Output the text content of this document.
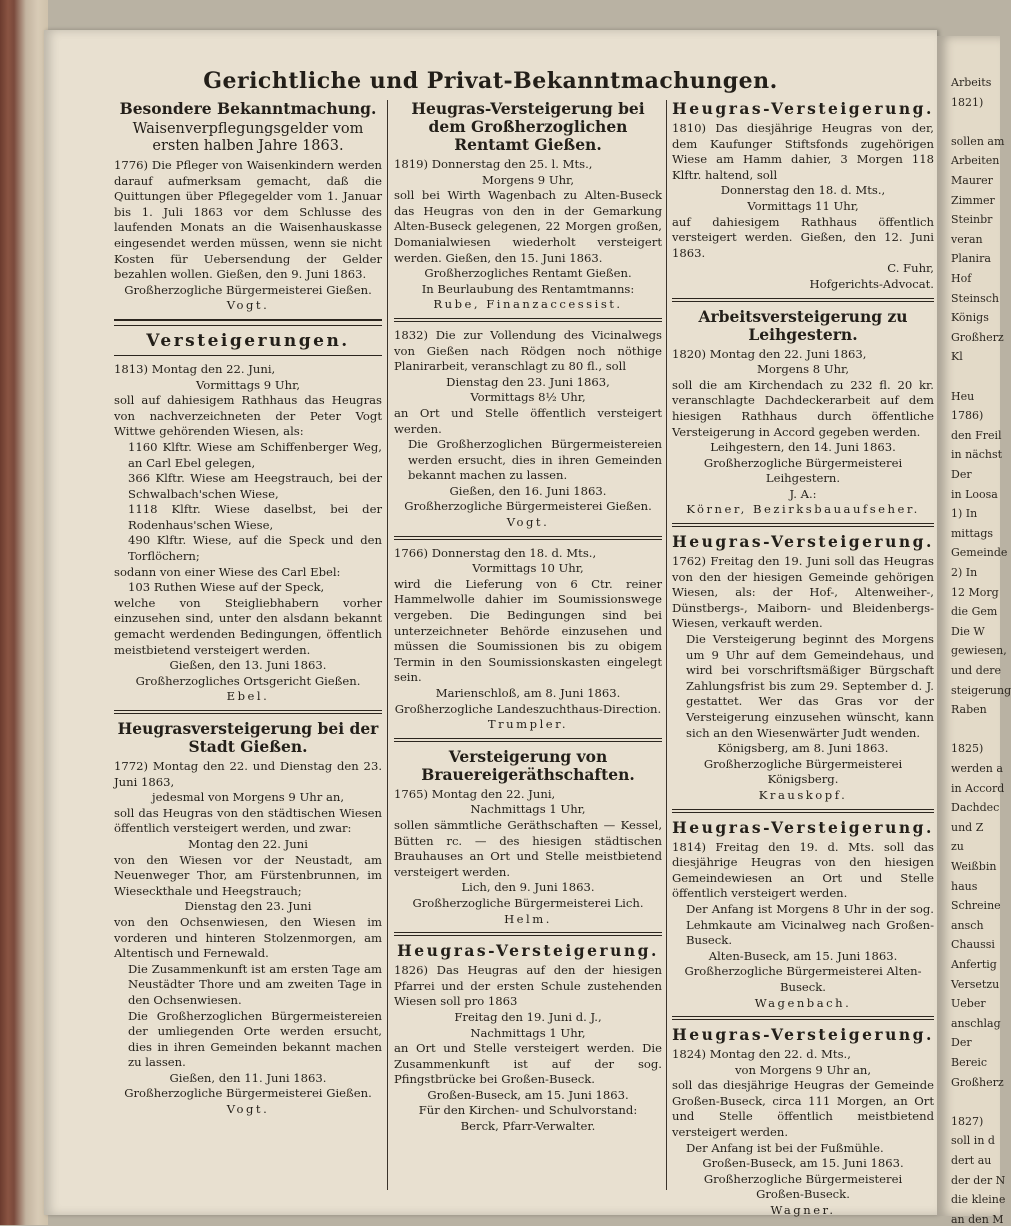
Arbeits
1821)
sollen am
Arbeiten
Maurer
Zimmer
Steinbr
veran
Planira
Hof
Steinsch
Königs
Großherz
Kl
Heu
1786)
den Freil
in nächst
Der
in Loosa
1) In
mittags
Gemeinde
2) In
12 Morg
die Gem
Die W
gewiesen,
und dere
steigerung
Raben
1825)
werden a
in Accord
Dachdec
und Z
zu
Weißbin
haus
Schreine
ansch
Chaussi
Anfertig
Versetzu
Ueber
anschlag
Der
Bereic
Großherz
1827)
soll in d
dert au
der der N
die kleine
an den M
Gerichtliche und Privat-Bekanntmachungen.
Besondere Bekanntmachung.
Waisenverpflegungsgelder vom ersten halben Jahre 1863.

1776) Die Pfleger von Waisenkindern werden darauf aufmerksam gemacht, daß die Quittungen über Pflegegelder vom 1. Januar bis 1. Juli 1863 vor dem Schlusse des laufenden Monats an die Waisenhauskasse eingesendet werden müssen, wenn sie nicht Kosten für Uebersendung der Gelder bezahlen wollen. Gießen, den 9. Juni 1863.

Großherzogliche Bürgermeisterei Gießen.

Vogt.

Versteigerungen.

1813) Montag den 22. Juni,

Vormittags 9 Uhr,

soll auf dahiesigem Rathhaus das Heugras von nachverzeichneten der Peter Vogt Wittwe gehörenden Wiesen, als:

1160 Klftr. Wiese am Schiffenberger Weg, an Carl Ebel gelegen,

366 Klftr. Wiese am Heegstrauch, bei der Schwalbach'schen Wiese,

1118 Klftr. Wiese daselbst, bei der Rodenhaus'schen Wiese,

490 Klftr. Wiese, auf die Speck und den Torflöchern;

sodann von einer Wiese des Carl Ebel:

103 Ruthen Wiese auf der Speck,

welche von Steigliebhabern vorher einzusehen sind, unter den alsdann bekannt gemacht werdenden Bedingungen, öffentlich meistbietend versteigert werden.

Gießen, den 13. Juni 1863.

Großherzogliches Ortsgericht Gießen.

Ebel.

Heugrasversteigerung bei der Stadt Gießen.

1772) Montag den 22. und Dienstag den 23. Juni 1863,

jedesmal von Morgens 9 Uhr an,

soll das Heugras von den städtischen Wiesen öffentlich versteigert werden, und zwar:

Montag den 22. Juni

von den Wiesen vor der Neustadt, am Neuenweger Thor, am Fürstenbrunnen, im Wieseckthale und Heegstrauch;

Dienstag den 23. Juni

von den Ochsenwiesen, den Wiesen im vorderen und hinteren Stolzenmorgen, am Altentisch und Fernewald.

Die Zusammenkunft ist am ersten Tage am Neustädter Thore und am zweiten Tage in den Ochsenwiesen.

Die Großherzoglichen Bürgermeistereien der umliegenden Orte werden ersucht, dies in ihren Gemeinden bekannt machen zu lassen.

Gießen, den 11. Juni 1863.

Großherzogliche Bürgermeisterei Gießen.

Vogt.

Heugras-Versteigerung bei dem Großherzoglichen Rentamt Gießen.

1819) Donnerstag den 25. l. Mts.,

Morgens 9 Uhr,

soll bei Wirth Wagenbach zu Alten-Buseck das Heugras von den in der Gemarkung Alten-Buseck gelegenen, 22 Morgen großen, Domanialwiesen wiederholt versteigert werden. Gießen, den 15. Juni 1863.

Großherzogliches Rentamt Gießen.

In Beurlaubung des Rentamtmanns:

Rube, Finanzaccessist.

1832) Die zur Vollendung des Vicinalwegs von Gießen nach Rödgen noch nöthige Planirarbeit, veranschlagt zu 80 fl., soll

Dienstag den 23. Juni 1863,

Vormittags 8½ Uhr,

an Ort und Stelle öffentlich versteigert werden.

Die Großherzoglichen Bürgermeistereien werden ersucht, dies in ihren Gemeinden bekannt machen zu lassen.

Gießen, den 16. Juni 1863.

Großherzogliche Bürgermeisterei Gießen.

Vogt.

1766) Donnerstag den 18. d. Mts.,

Vormittags 10 Uhr,

wird die Lieferung von 6 Ctr. reiner Hammelwolle dahier im Soumissionswege vergeben. Die Bedingungen sind bei unterzeichneter Behörde einzusehen und müssen die Soumissionen bis zu obigem Termin in den Soumissionskasten eingelegt sein.

Marienschloß, am 8. Juni 1863.

Großherzogliche Landeszuchthaus-Direction.

Trumpler.

Versteigerung von Brauereigeräthschaften.

1765) Montag den 22. Juni,

Nachmittags 1 Uhr,

sollen sämmtliche Geräthschaften — Kessel, Bütten rc. — des hiesigen städtischen Brauhauses an Ort und Stelle meistbietend versteigert werden.

Lich, den 9. Juni 1863.

Großherzogliche Bürgermeisterei Lich.

Helm.

Heugras-Versteigerung.

1826) Das Heugras auf den der hiesigen Pfarrei und der ersten Schule zustehenden Wiesen soll pro 1863

Freitag den 19. Juni d. J.,

Nachmittags 1 Uhr,

an Ort und Stelle versteigert werden. Die Zusammenkunft ist auf der sog. Pfingstbrücke bei Großen-Buseck.

Großen-Buseck, am 15. Juni 1863.

Für den Kirchen- und Schulvorstand:

Berck, Pfarr-Verwalter.

Heugras-Versteigerung.

1810) Das diesjährige Heugras von der, dem Kaufunger Stiftsfonds zugehörigen Wiese am Hamm dahier, 3 Morgen 118 Klftr. haltend, soll

Donnerstag den 18. d. Mts.,

Vormittags 11 Uhr,

auf dahiesigem Rathhaus öffentlich versteigert werden. Gießen, den 12. Juni 1863.

C. Fuhr,

Hofgerichts-Advocat.

Arbeitsversteigerung zu Leihgestern.

1820) Montag den 22. Juni 1863,

Morgens 8 Uhr,

soll die am Kirchendach zu 232 fl. 20 kr. veranschlagte Dachdeckerarbeit auf dem hiesigen Rathhaus durch öffentliche Versteigerung in Accord gegeben werden.

Leihgestern, den 14. Juni 1863.

Großherzogliche Bürgermeisterei Leihgestern.

J. A.:

Körner, Bezirksbauaufseher.

Heugras-Versteigerung.

1762) Freitag den 19. Juni soll das Heugras von den der hiesigen Gemeinde gehörigen Wiesen, als: der Hof-, Altenweiher-, Dünstbergs-, Maiborn- und Bleidenbergs-Wiesen, verkauft werden.

Die Versteigerung beginnt des Morgens um 9 Uhr auf dem Gemeindehaus, und wird bei vorschriftsmäßiger Bürgschaft Zahlungsfrist bis zum 29. September d. J. gestattet. Wer das Gras vor der Versteigerung einzusehen wünscht, kann sich an den Wiesenwärter Judt wenden.

Königsberg, am 8. Juni 1863.

Großherzogliche Bürgermeisterei Königsberg.

Krauskopf.

Heugras-Versteigerung.

1814) Freitag den 19. d. Mts. soll das diesjährige Heugras von den hiesigen Gemeindewiesen an Ort und Stelle öffentlich versteigert werden.

Der Anfang ist Morgens 8 Uhr in der sog. Lehmkaute am Vicinalweg nach Großen-Buseck.

Alten-Buseck, am 15. Juni 1863.

Großherzogliche Bürgermeisterei Alten-Buseck.

Wagenbach.

Heugras-Versteigerung.

1824) Montag den 22. d. Mts.,

von Morgens 9 Uhr an,

soll das diesjährige Heugras der Gemeinde Großen-Buseck, circa 111 Morgen, an Ort und Stelle öffentlich meistbietend versteigert werden.

Der Anfang ist bei der Fußmühle.

Großen-Buseck, am 15. Juni 1863.

Großherzogliche Bürgermeisterei

Großen-Buseck.

Wagner.
